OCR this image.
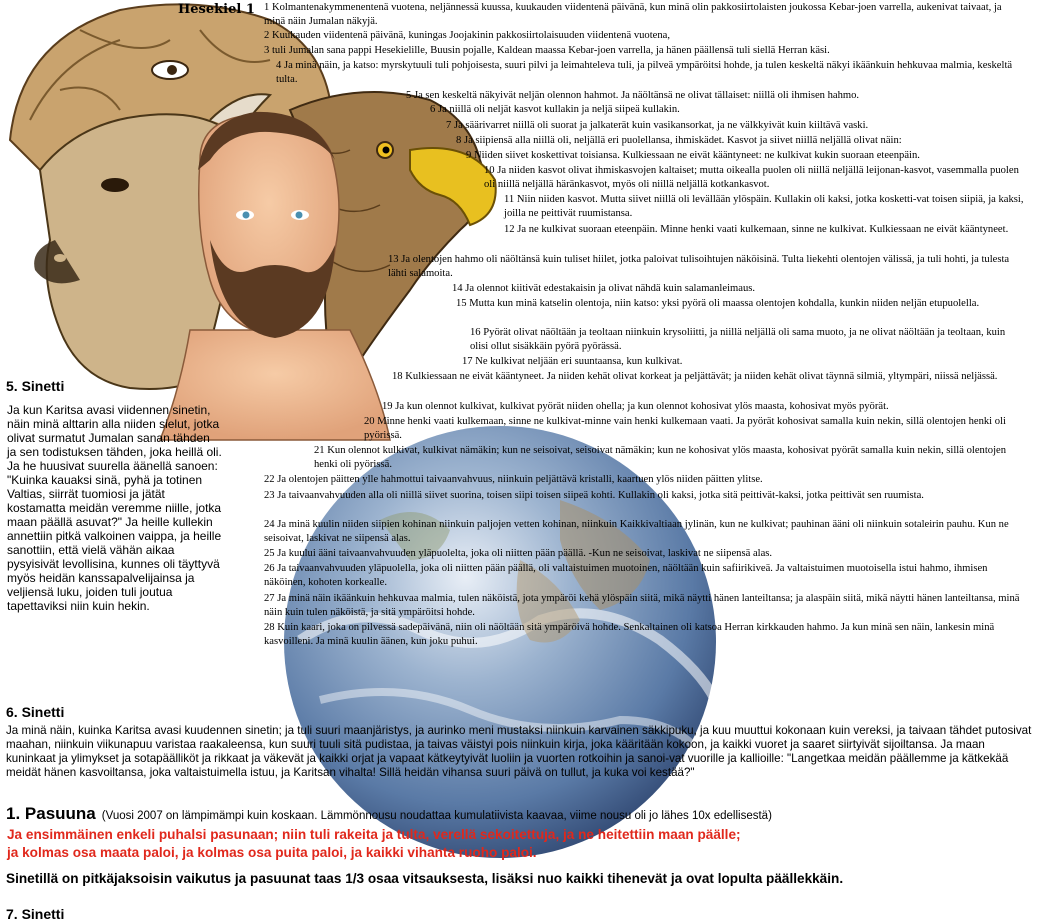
Hesekiel 1 1 Kolmantenakymmenentenä vuotena, neljännessä kuussa, kuukauden viidentenä päivänä, kun minä olin pakkosiirtolaisten joukossa Kebar-joen varrella, aukenivat taivaat, ja minä näin Jumalan näkyjä.
2 Kuukauden viidentenä päivänä, kuningas Joojakinin pakkosiirtolaisuuden viidentenä vuotena,
3 tuli Jumalan sana pappi Hesekielille, Buusin pojalle, Kaldean maassa Kebar-joen varrella, ja hänen päällensä tuli siellä Herran käsi.
4 Ja minä näin, ja katso: myrskytuuli tuli pohjoisesta, suuri pilvi ja leimahteleva tuli, ja pilveä ympäröitsi hohde, ja tulen keskeltä näkyi ikäänkuin hehkuvaa malmia, keskeltä tulta.
5 Ja sen keskeltä näkyivät neljän olennon hahmot. Ja näöltänsä ne olivat tällaiset: niillä oli ihmisen hahmo.
6 Ja niillä oli neljät kasvot kullakin ja neljä siipeä kullakin.
7 Ja säärivarret niillä oli suorat ja jalkaterät kuin vasikansorkat, ja ne välkkyivät kuin kiiltävä vaski.
8 Ja siipiensä alla niillä oli, neljällä eri puolellansa, ihmiskädet. Kasvot ja siivet niillä neljällä olivat näin:
9 Niiden siivet koskettivat toisiansa. Kulkiessaan ne eivät kääntyneet: ne kulkivat kukin suoraan eteenpäin.
10 Ja niiden kasvot olivat ihmiskasvojen kaltaiset; mutta oikealla puolen oli niillä neljällä leijonan-kasvot, vasemmalla puolen oli niillä neljällä häränkasvot, myös oli niillä neljällä kotkankasvot.
11 Niin niiden kasvot. Mutta siivet niillä oli levällään ylöspäin. Kullakin oli kaksi, jotka kosketti-vat toisen siipiä, ja kaksi, joilla ne peittivät ruumistansa.
12 Ja ne kulkivat suoraan eteenpäin. Minne henki vaati kulkemaan, sinne ne kulkivat. Kulkiessaan ne eivät kääntyneet.
13 Ja olentojen hahmo oli näöltänsä kuin tuliset hiilet, jotka paloivat tulisoihtujen näköisinä. Tulta liekehti olentojen välissä, ja tuli hohti, ja tulesta lähti salamoita.
14 Ja olennot kiitivät edestakaisin ja olivat nähdä kuin salamanleimaus.
15 Mutta kun minä katselin olentoja, niin katso: yksi pyörä oli maassa olentojen kohdalla, kunkin niiden neljän etupuolella.
16 Pyörät olivat näöltään ja teoltaan niinkuin krysoliitti, ja niillä neljällä oli sama muoto, ja ne olivat näöltään ja teoltaan, kuin olisi ollut sisäkkäin pyörä pyörässä.
17 Ne kulkivat neljään eri suuntaansa, kun kulkivat.
18 Kulkiessaan ne eivät kääntyneet. Ja niiden kehät olivat korkeat ja peljättävät; ja niiden kehät olivat täynnä silmiä, yltympäri, niissä neljässä.
19 Ja kun olennot kulkivat, kulkivat pyörät niiden ohella; ja kun olennot kohosivat ylös maasta, kohosivat myös pyörät.
20 Minne henki vaati kulkemaan, sinne ne kulkivat-minne vain henki kulkemaan vaati. Ja pyörät kohosivat samalla kuin nekin, sillä olentojen henki oli pyörissä.
21 Kun olennot kulkivat, kulkivat nämäkin; kun ne seisoivat, seisoivat nämäkin; kun ne kohosivat ylös maasta, kohosivat pyörät samalla kuin nekin, sillä olentojen henki oli pyörissä.
22 Ja olentojen päitten ylle hahmottui taivaanvahvuus, niinkuin peljättävä kristalli, kaartuen ylös niiden päitten ylitse.
23 Ja taivaanvahvuuden alla oli niillä siivet suorina, toisen siipi toisen siipeä kohti. Kullakin oli kaksi, jotka sitä peittivät-kaksi, jotka peittivät sen ruumista.
24 Ja minä kuulin niiden siipien kohinan niinkuin paljojen vetten kohinan, niinkuin Kaikkivaltiaan jylinän, kun ne kulkivat; pauhinan ääni oli niinkuin sotaleirin pauhu. Kun ne seisoivat, laskivat ne siipensä alas.
25 Ja kuului ääni taivaanvahvuuden yläpuolelta, joka oli niitten pään päällä. -Kun ne seisoivat, laskivat ne siipensä alas.
26 Ja taivaanvahvuuden yläpuolella, joka oli niitten pään päällä, oli valtaistuimen muotoinen, näöltään kuin safiirikiveä. Ja valtaistuimen muotoisella istui hahmo, ihmisen näköinen, kohoten korkealle.
27 Ja minä näin ikäänkuin hehkuvaa malmia, tulen näköistä, jota ympäröi kehä ylöspäin siitä, mikä näytti hänen lanteiltansa; ja alaspäin siitä, mikä näytti hänen lanteiltansa, minä näin kuin tulen näköistä, ja sitä ympäröitsi hohde.
28 Kuin kaari, joka on pilvessä sadepäivänä, niin oli näöltään sitä ympäröivä hohde. Senkaltainen oli katsoa Herran kirkkauden hahmo. Ja kun minä sen näin, lankesin minä kasvoilleni. Ja minä kuulin äänen, kun joku puhui.
5. Sinetti
Ja kun Karitsa avasi viidennen sinetin, näin minä alttarin alla niiden sielut, jotka olivat surmatut Jumalan sanan tähden ja sen todistuksen tähden, joka heillä oli. Ja he huusivat suurella äänellä sanoen: "Kuinka kauaksi sinä, pyhä ja totinen Valtias, siirrät tuomiosi ja jätät kostamatta meidän veremme niille, jotka maan päällä asuvat?" Ja heille kullekin annettiin pitkä valkoinen vaippa, ja heille sanottiin, että vielä vähän aikaa pysyisivät levollisina, kunnes oli täyttyvä myös heidän kanssapalvelijainsa ja veljiensä luku, joiden tuli joutua tapettaviksi niin kuin hekin.
6. Sinetti
Ja minä näin, kuinka Karitsa avasi kuudennen sinetin; ja tuli suuri maanjäristys, ja aurinko meni mustaksi niinkuin karvainen säkkipuku, ja kuu muuttui kokonaan kuin vereksi, ja taivaan tähdet putosivat maahan, niinkuin viikunapuu varistaa raakaleensa, kun suuri tuuli sitä pudistaa, ja taivas väistyi pois niinkuin kirja, joka kääritään kokoon, ja kaikki vuoret ja saaret siirtyivät sijoiltansa. Ja maan kuninkaat ja ylimykset ja sotapäälliköt ja rikkaat ja väkevät ja kaikki orjat ja vapaat kätkeytyivät luoliin ja vuorten rotkoihin ja sanoi-vat vuorille ja kallioille: "Langetkaa meidän päällemme ja kätkekää meidät hänen kasvoiltansa, joka valtaistuimella istuu, ja Karitsan vihalta! Sillä heidän vihansa suuri päivä on tullut, ja kuka voi kestää?"
1. Pasuuna (Vuosi 2007 on lämpimämpi kuin koskaan. Lämmönnousu noudattaa kumulatiivista kaavaa, viime nousu oli jo lähes 10x edellisestä)
Ja ensimmäinen enkeli puhalsi pasunaan; niin tuli rakeita ja tulta, verellä sekoitettuja, ja ne heitettiin maan päälle;
ja kolmas osa maata paloi, ja kolmas osa puita paloi, ja kaikki vihanta ruoho paloi.
Sinetillä on pitkäjaksoisin vaikutus ja pasuunat taas 1/3 osaa vitsauksesta, lisäksi nuo kaikki tihenevät ja ovat lopulta päällekkäin.
7. Sinetti
